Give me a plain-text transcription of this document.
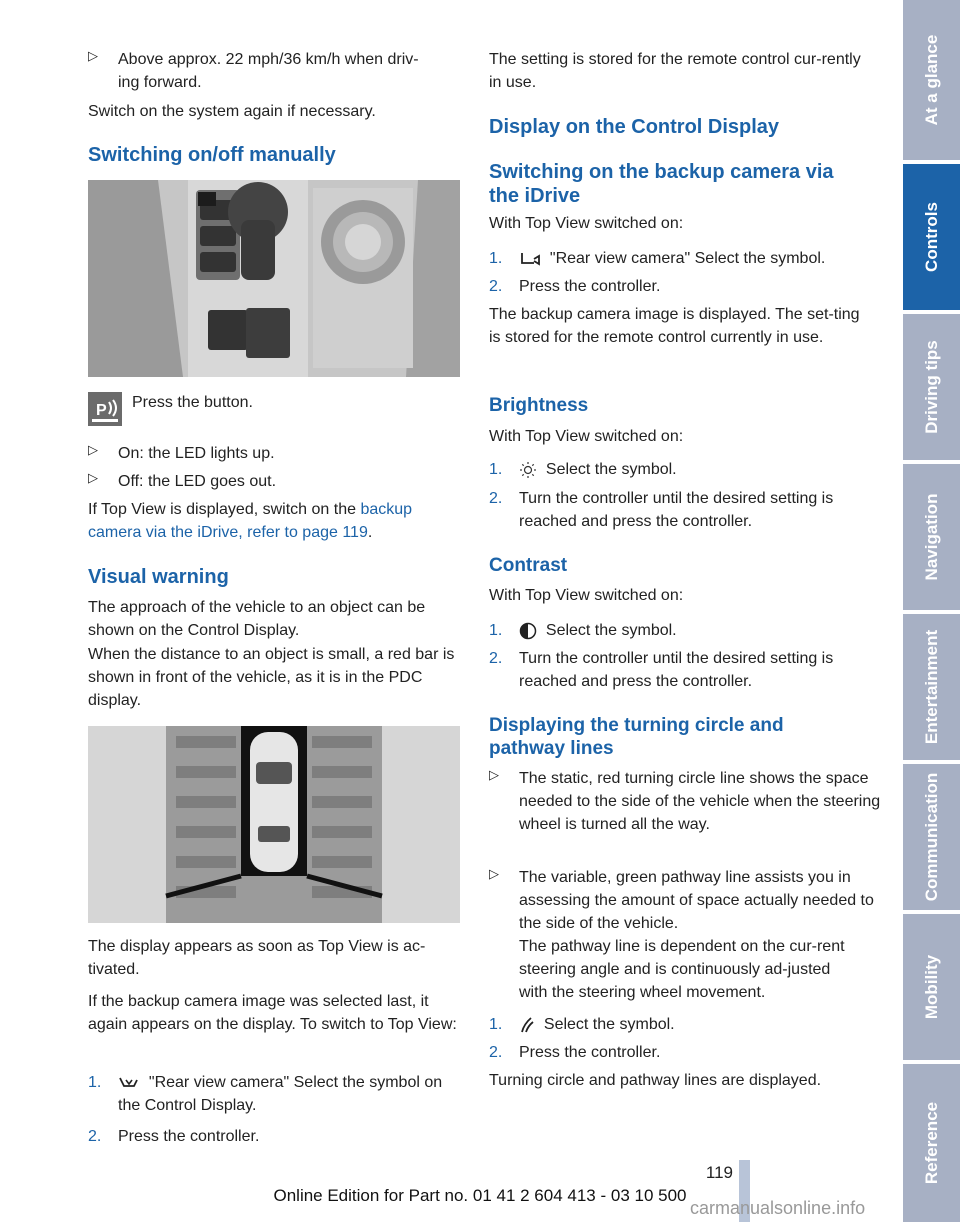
▷ Above approx. 22 mph/36 km/h when driv-
ing forward.

Switch on the system again if necessary.

Switching on/off manually
P Press the button.

▷ On: the LED lights up.

▷ Off: the LED goes out.

If Top View is displayed, switch on the backup camera via the iDrive, refer to page 119.

Visual warning

The approach of the vehicle to an object can be shown on the Control Display.

When the distance to an object is small, a red bar is shown in front of the vehicle, as it is in the PDC display.

The display appears as soon as Top View is ac-tivated.

If the backup camera image was selected last, it again appears on the display. To switch to Top View:

1.	"Rear view camera" Select the symbol on the Control Display.

2. Press the controller.

The setting is stored for the remote control cur-rently in use.

Display on the Control Display
Switching on the backup camera via the iDrive

With Top View switched on:

1.	"Rear view camera" Select the symbol.

2. Press the controller.

The backup camera image is displayed. The set-ting is stored for the remote control currently in use.

Brightness

With Top View switched on:

1.	Select the symbol.

2. Turn the controller until the desired setting is reached and press the controller.

Contrast

With Top View switched on:

1.	Select the symbol.

2. Turn the controller until the desired setting is reached and press the controller.

Displaying the turning circle and pathway lines
▷ The static, red turning circle line shows the space needed to the side of the vehicle when the steering wheel is turned all the way.

▷ The variable, green pathway line assists you in assessing the amount of space actually needed to the side of the vehicle.

The pathway line is dependent on the cur-rent steering angle and is continuously ad-justed with the steering wheel movement.

1.	Select the symbol.

2. Press the controller.

Turning circle and pathway lines are displayed.

At a glance
Controls
Driving tips
Navigation
Entertainment
Communication
Mobility
Reference
119
Online Edition for Part no. 01 41 2 604 413 - 03 10 500
carmanualsonline.info
